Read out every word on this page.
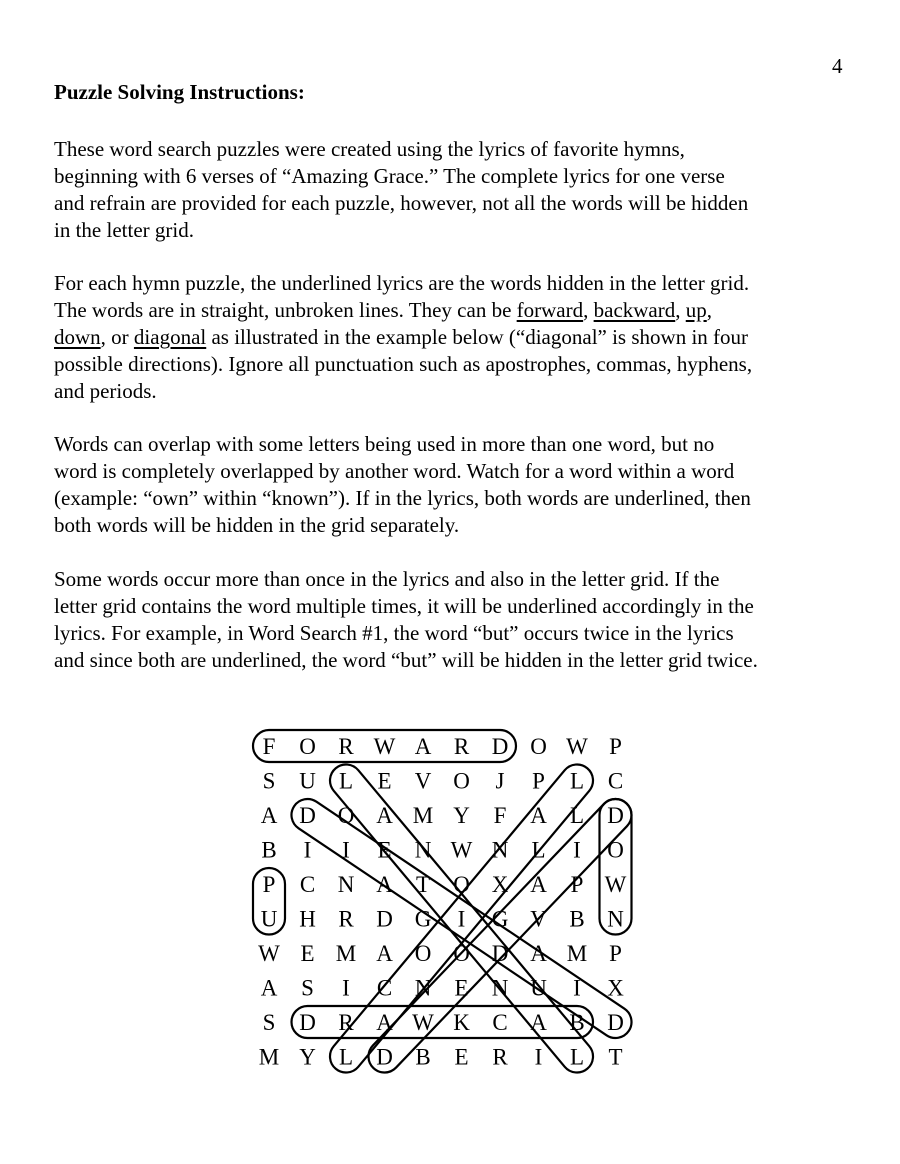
4
Puzzle Solving Instructions:
These word search puzzles were created using the lyrics of favorite hymns,
beginning with 6 verses of “Amazing Grace.” The complete lyrics for one verse
and refrain are provided for each puzzle, however, not all the words will be hidden
in the letter grid.
For each hymn puzzle, the underlined lyrics are the words hidden in the letter grid.
The words are in straight, unbroken lines. They can be forward, backward, up,
down, or diagonal as illustrated in the example below (“diagonal” is shown in four
possible directions). Ignore all punctuation such as apostrophes, commas, hyphens,
and periods.
Words can overlap with some letters being used in more than one word, but no
word is completely overlapped by another word. Watch for a word within a word
(example: “own” within “known”). If in the lyrics, both words are underlined, then
both words will be hidden in the grid separately.
Some words occur more than once in the lyrics and also in the letter grid. If the
letter grid contains the word multiple times, it will be underlined accordingly in the
lyrics. For example, in Word Search #1, the word “but” occurs twice in the lyrics
and since both are underlined, the word “but” will be hidden in the letter grid twice.
F O R W A R D O W P
S U L E V O J P L C
A D O A M Y F A L D
B I I E N W N L I O
P C N A T O X A P W
U H R D G I G V B N
W E M A O O D A M P
A S I C N E N U I X
S D R A W K C A B D
M Y L D B E R I L T
